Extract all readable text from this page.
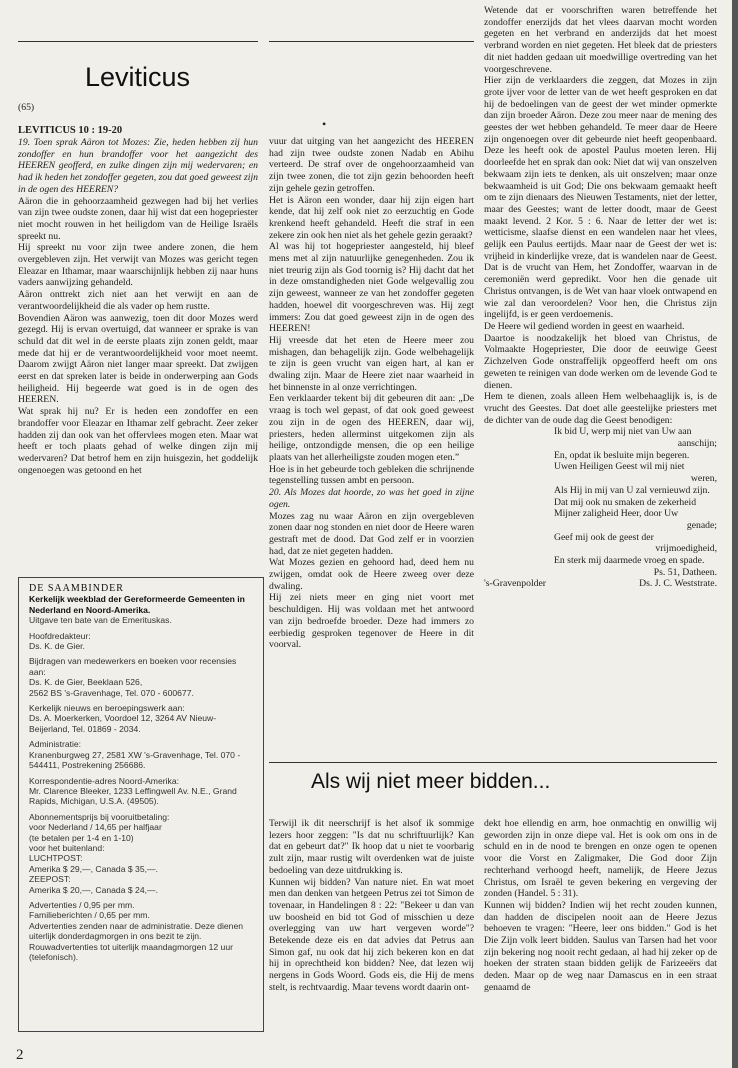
Leviticus
(65)
•

LEVITICUS 10 : 19-20

19. Toen sprak Aäron tot Mozes: Zie, heden hebben zij hun zondoffer en hun brandoffer voor het aangezicht des HEEREN geofferd, en zulke dingen zijn mij wedervaren; en had ik heden het zondoffer gegeten, zou dat goed geweest zijn in de ogen des HEEREN?

Aäron die in gehoorzaamheid gezwegen had bij het verlies van zijn twee oudste zonen, daar hij wist dat een hogepriester niet mocht rouwen in het heiligdom van de Heilige Israëls spreekt nu.

Hij spreekt nu voor zijn twee andere zonen, die hem overgebleven zijn. Het verwijt van Mozes was gericht tegen Eleazar en Ithamar, maar waarschijnlijk hebben zij naar huns vaders aanwijzing gehandeld.

Aäron onttrekt zich niet aan het verwijt en aan de verantwoordelijkheid die als vader op hem rustte.

Bovendien Aäron was aanwezig, toen dit door Mozes werd gezegd. Hij is ervan overtuigd, dat wanneer er sprake is van schuld dat dit wel in de eerste plaats zijn zonen geldt, maar mede dat hij er de verantwoordelijkheid voor moet neemt. Daarom zwijgt Aäron niet langer maar spreekt. Dat zwijgen eerst en dat spreken later is beide in onderwerping aan Gods heiligheid. Hij begeerde wat goed is in de ogen des HEEREN.

Wat sprak hij nu? Er is heden een zondoffer en een brandoffer voor Eleazar en Ithamar zelf gebracht. Zeer zeker hadden zij dan ook van het offervlees mogen eten. Maar wat heeft er toch plaats gehad of welke dingen zijn mij wedervaren? Dat betrof hem en zijn huisgezin, het goddelijk ongenoegen was getoond en het

vuur dat uitging van het aangezicht des HEEREN had zijn twee oudste zonen Nadab en Abihu verteerd. De straf over de ongehoorzaamheid van zijn twee zonen, die tot zijn gezin behoorden heeft zijn gehele gezin getroffen.

Het is Aäron een wonder, daar hij zijn eigen hart kende, dat hij zelf ook niet zo eerzuchtig en Gode krenkend heeft gehandeld. Heeft die straf in een zekere zin ook hen niet als het gehele gezin geraakt?

Al was hij tot hogepriester aangesteld, hij bleef mens met al zijn natuurlijke genegenheden. Zou ik niet treurig zijn als God toornig is? Hij dacht dat het in deze omstandigheden niet Gode welgevallig zou zijn geweest, wanneer ze van het zondoffer gegeten hadden, hoewel dit voorgeschreven was. Hij zegt immers: Zou dat goed geweest zijn in de ogen des HEEREN!

Hij vreesde dat het eten de Heere meer zou mishagen, dan behagelijk zijn. Gode welbehagelijk te zijn is geen vrucht van eigen hart, al kan er dwaling zijn. Maar de Heere ziet naar waarheid in het binnenste in al onze verrichtingen.

Een verklaarder tekent bij dit gebeuren dit aan: „De vraag is toch wel gepast, of dat ook goed geweest zou zijn in de ogen des HEEREN, daar wij, priesters, heden allerminst uitgekomen zijn als heilige, ontzondigde mensen, die op een heilige plaats van het allerheiligste zouden mogen eten.”

Hoe is in het gebeurde toch gebleken die schrijnende tegenstelling tussen ambt en persoon.

20. Als Mozes dat hoorde, zo was het goed in zijne ogen.

Mozes zag nu waar Aäron en zijn overgebleven zonen daar nog stonden en niet door de Heere waren gestraft met de dood. Dat God zelf er in voorzien had, dat ze niet gegeten hadden.

Wat Mozes gezien en gehoord had, deed hem nu zwijgen, omdat ook de Heere zweeg over deze dwaling.

Hij zei niets meer en ging niet voort met beschuldigen. Hij was voldaan met het antwoord van zijn bedroefde broeder. Deze had immers zo eerbiedig gesproken tegenover de Heere in dit voorval.

Wetende dat er voorschriften waren betreffende het zondoffer enerzijds dat het vlees daarvan mocht worden gegeten en het verbrand en anderzijds dat het moest verbrand worden en niet gegeten. Het bleek dat de priesters dit niet hadden gedaan uit moedwillige overtreding van het voorgeschrevene.

Hier zijn de verklaarders die zeggen, dat Mozes in zijn grote ijver voor de letter van de wet heeft gesproken en dat hij de bedoelingen van de geest der wet minder opmerkte dan zijn broeder Aäron. Deze zou meer naar de mening des geestes der wet hebben gehandeld. Te meer daar de Heere zijn ongenoegen over dit gebeurde niet heeft geopenbaard. Deze les heeft ook de apostel Paulus moeten leren. Hij doorleefde het en sprak dan ook: Niet dat wij van onszelven bekwaam zijn iets te denken, als uit onszelven; maar onze bekwaamheid is uit God; Die ons bekwaam gemaakt heeft om te zijn dienaars des Nieuwen Testaments, niet der letter, maar des Geestes; want de letter doodt, maar de Geest maakt levend. 2 Kor. 5 : 6. Naar de letter der wet is: wetticisme, slaafse dienst en een wandelen naar het vlees, gelijk een Paulus eertijds. Maar naar de Geest der wet is: vrijheid in kinderlijke vreze, dat is wandelen naar de Geest. Dat is de vrucht van Hem, het Zondoffer, waarvan in de ceremoniën werd gepredikt. Voor hen die genade uit Christus ontvangen, is de Wet van haar vloek ontwapend en wie zal dan veroordelen? Voor hen, die Christus zijn ingelijfd, is er geen verdoemenis.

De Heere wil gediend worden in geest en waarheid.

Daartoe is noodzakelijk het bloed van Christus, de Volmaakte Hogepriester, Die door de eeuwige Geest Zichzelven Gode onstraffelijk opgeofferd heeft om ons geweten te reinigen van dode werken om de levende God te dienen.

Hem te dienen, zoals alleen Hem welbehaaglijk is, is de vrucht des Geestes. Dat doet alle geestelijke priesters met de dichter van de oude dag die Geest benodigen:

Ik bid U, werp mij niet van Uw aan
aanschijn;
En, opdat ik besluite mijn begeren.
Uwen Heiligen Geest wil mij niet
weren,
Als Hij in mij van U zal vernieuwd zijn.
Dat mij ook nu smaken de zekerheid
Mijner zaligheid Heer, door Uw
genade;
Geef mij ook de geest der
vrijmoedigheid,
En sterk mij daarmede vroeg en spade.
Ps. 51, Datheen.
's-Gravenpolder	Ds. J. C. Weststrate.
DE SAAMBINDER
Kerkelijk weekblad der Gereformeerde Gemeenten in Nederland en Noord-Amerika.
Uitgave ten bate van de Emerituskas.
Hoofdredakteur:
Ds. K. de Gier.
Bijdragen van medewerkers en boeken voor recensies aan:
Ds. K. de Gier, Beeklaan 526,
2562 BS 's-Gravenhage, Tel. 070 - 600677.
Kerkelijk nieuws en beroepingswerk aan:
Ds. A. Moerkerken, Voordoel 12, 3264 AV Nieuw-Beijerland, Tel. 01869 - 2034.
Administratie:
Kranenburgweg 27, 2581 XW 's-Gravenhage, Tel. 070 - 544411, Postrekening 256686.
Korrespondentie-adres Noord-Amerika:
Mr. Clarence Bleeker, 1233 Leffingwell Av. N.E., Grand Rapids, Michigan, U.S.A. (49505).
Abonnementsprijs bij vooruitbetaling:
voor Nederland / 14,65 per halfjaar
(te betalen per 1-4 en 1-10)
voor het buitenland:
LUCHTPOST:
Amerika $ 29,—, Canada $ 35,—.
ZEEPOST:
Amerika $ 20,—, Canada $ 24,—.
Advertenties / 0,95 per mm.
Familieberichten / 0,65 per mm.
Advertenties zenden naar de administratie. Deze dienen uiterlijk donderdagmorgen in ons bezit te zijn.
Rouwadvertenties tot uiterlijk maandagmorgen 12 uur (telefonisch).
Als wij niet meer bidden...

Terwijl ik dit neerschrijf is het alsof ik sommige lezers hoor zeggen: "Is dat nu schriftuurlijk? Kan dat en gebeurt dat?" Ik hoop dat u niet te voorbarig zult zijn, maar rustig wilt overdenken wat de juiste bedoeling van deze uitdrukking is.

Kunnen wij bidden? Van nature niet. En wat moet men dan denken van hetgeen Petrus zei tot Simon de tovenaar, in Handelingen 8 : 22: "Bekeer u dan van uw boosheid en bid tot God of misschien u deze overlegging van uw hart vergeven worde"? Betekende deze eis en dat advies dat Petrus aan Simon gaf, nu ook dat hij zich bekeren kon en dat hij in oprechtheid kon bidden? Nee, dat lezen wij nergens in Gods Woord. Gods eis, die Hij de mens stelt, is rechtvaardig. Maar tevens wordt daarin ont-

dekt hoe ellendig en arm, hoe onmachtig en onwillig wij geworden zijn in onze diepe val. Het is ook om ons in de schuld en in de nood te brengen en onze ogen te openen voor die Vorst en Zaligmaker, Die God door Zijn rechterhand verhoogd heeft, namelijk, de Heere Jezus Christus, om Israël te geven bekering en vergeving der zonden (Handel. 5 : 31).

Kunnen wij bidden? Indien wij het recht zouden kunnen, dan hadden de discipelen nooit aan de Heere Jezus behoeven te vragen: "Heere, leer ons bidden." God is het Die Zijn volk leert bidden. Saulus van Tarsen had het voor zijn bekering nog nooit recht gedaan, al had hij zeker op de hoeken der straten staan bidden gelijk de Farizeeërs dat deden. Maar op de weg naar Damascus en in een straat genaamd de

2
